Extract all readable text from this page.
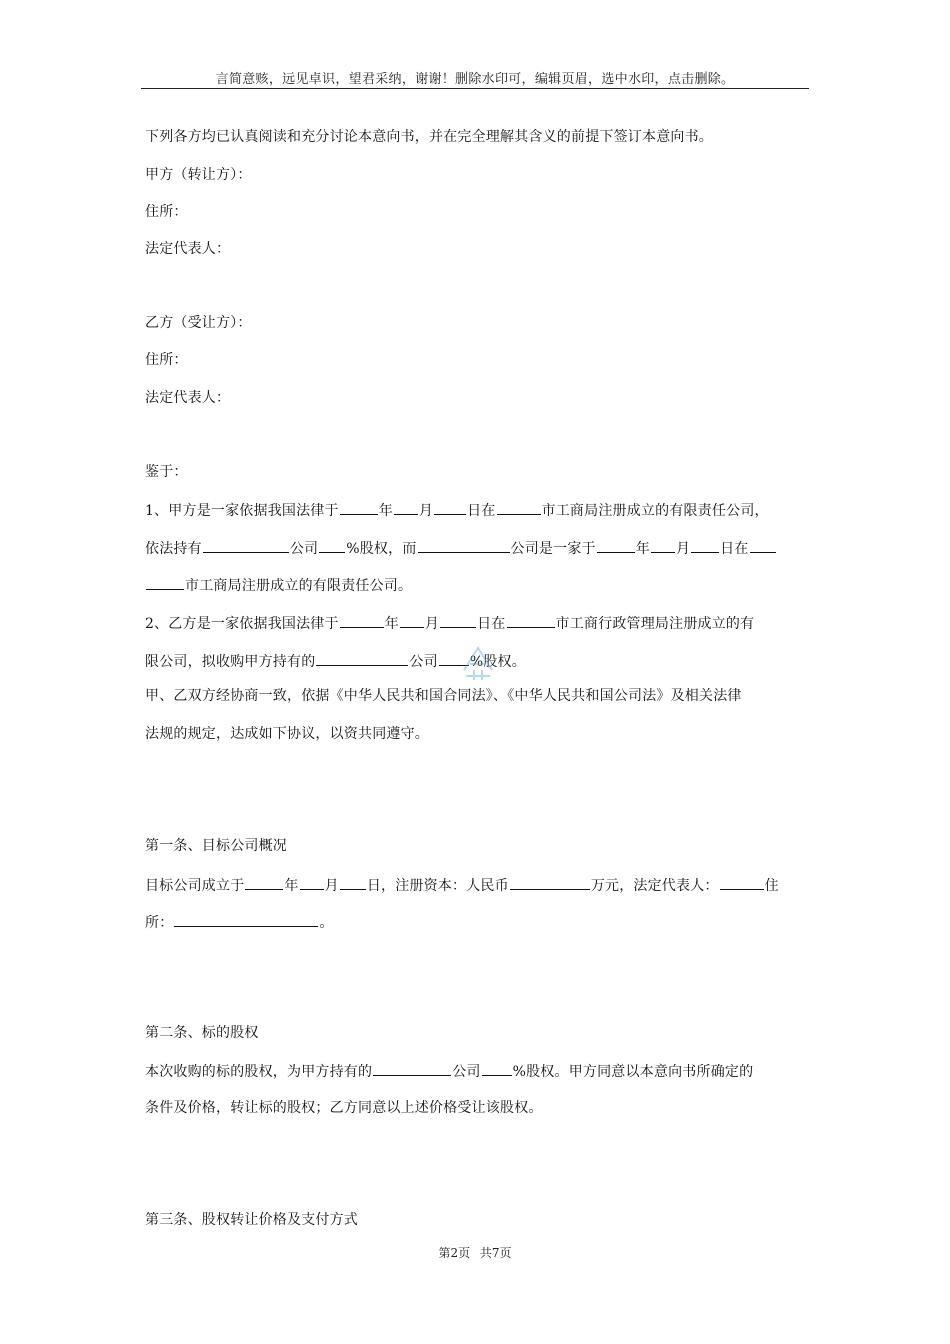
言简意赅，远见卓识，望君采纳，谢谢！删除水印可，编辑页眉，选中水印，点击删除。
下列各方均已认真阅读和充分讨论本意向书，并在完全理解其含义的前提下签订本意向书。
甲方（转让方）：
住所：
法定代表人：
乙方（受让方）：
住所：
法定代表人：
鉴于：
1、甲方是一家依据我国法律于	年 月 日在	市工商局注册成立的有限责任公司，
依法持有	公司 %股权，而	公司是一家于	年 月 日在
市工商局注册成立的有限责任公司。
2、乙方是一家依据我国法律于	年 月	日在	市工商行政管理局注册成立的有
限公司，拟收购甲方持有的	公司 %股权。
甲、乙双方经协商一致，依据《中华人民共和国合同法》、《中华人民共和国公司法》及相关法律
法规的规定，达成如下协议，以资共同遵守。
第一条、目标公司概况
目标公司成立于	年 月 日，注册资本：人民币	万元，法定代表人：	住
所：	。
第二条、标的股权
本次收购的标的股权，为甲方持有的	公司 %股权。甲方同意以本意向书所确定的
条件及价格，转让标的股权；乙方同意以上述价格受让该股权。
第三条、股权转让价格及支付方式
第2页 共7页
